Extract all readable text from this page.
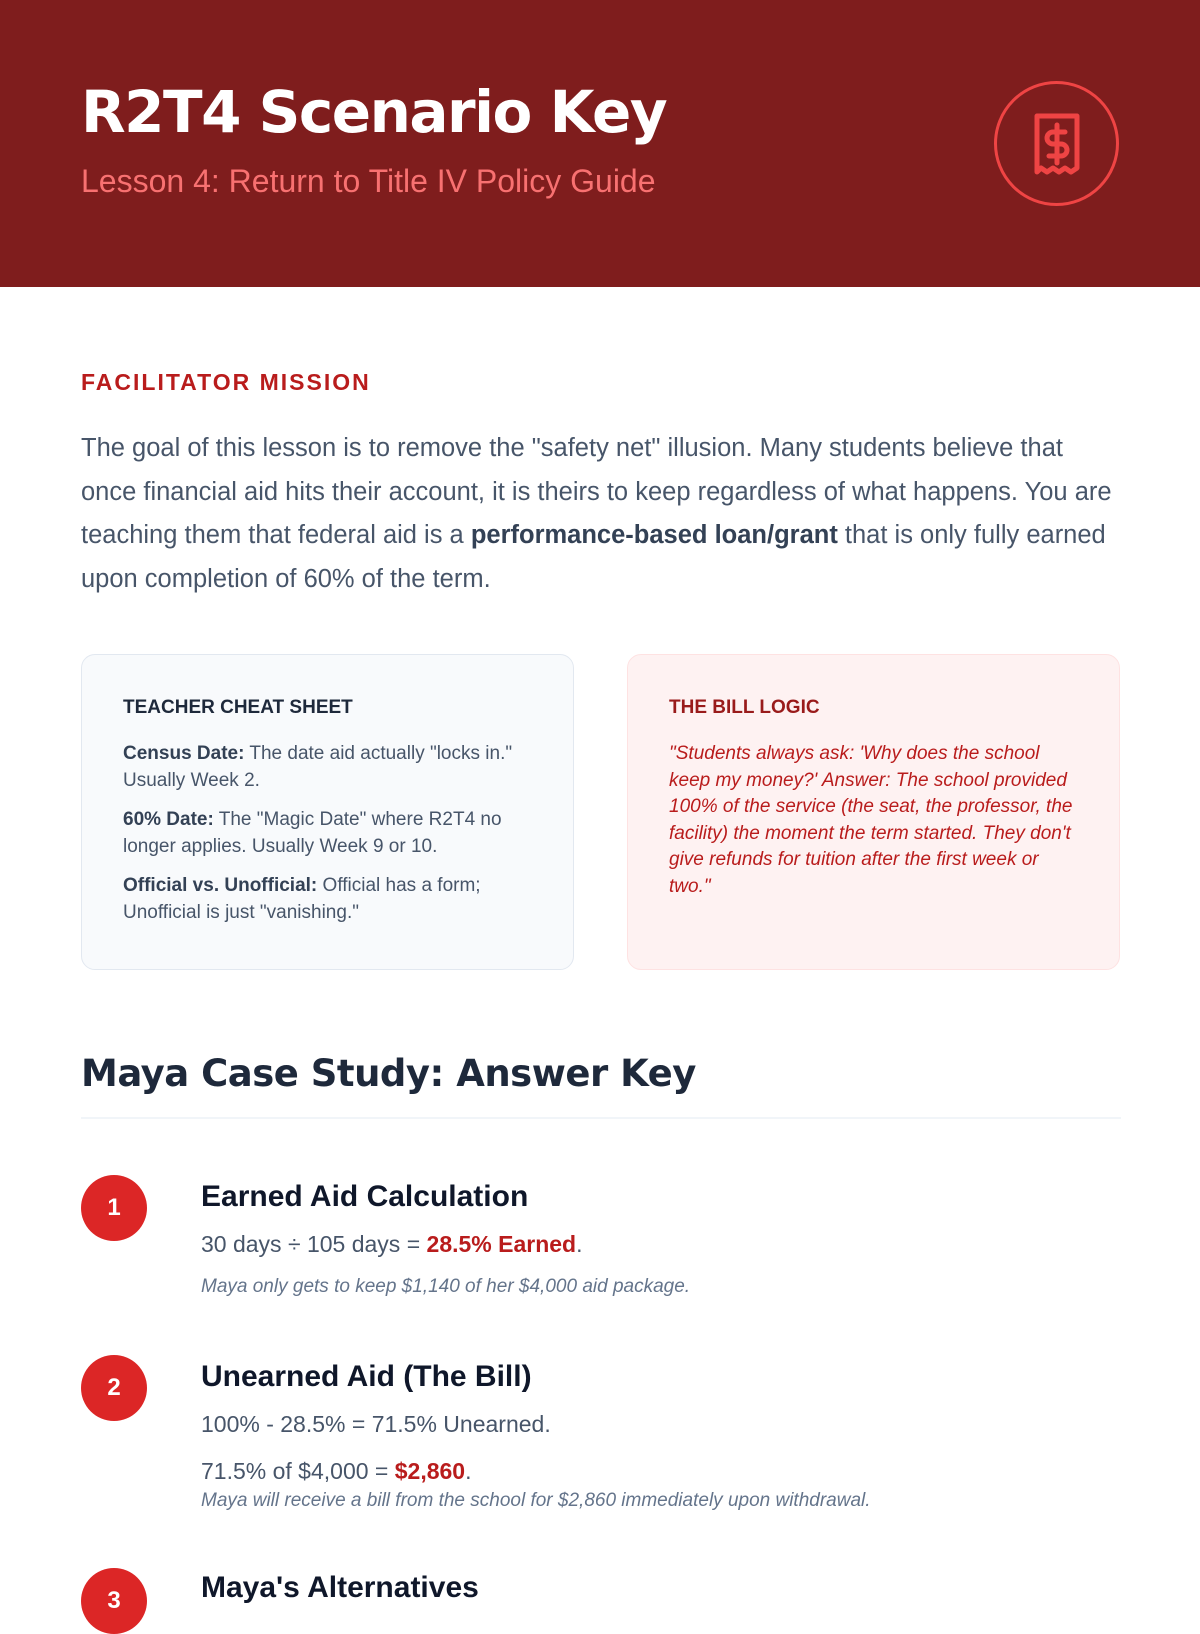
R2T4 Scenario Key
Lesson 4: Return to Title IV Policy Guide
FACILITATOR MISSION

The goal of this lesson is to remove the "safety net" illusion. Many students believe that once financial aid hits their account, it is theirs to keep regardless of what happens. You are teaching them that federal aid is a performance-based loan/grant that is only fully earned upon completion of 60% of the term.

TEACHER CHEAT SHEET
Census Date: The date aid actually "locks in." Usually Week 2.
60% Date: The "Magic Date" where R2T4 no longer applies. Usually Week 9 or 10.
Official vs. Unofficial: Official has a form; Unofficial is just "vanishing."
THE BILL LOGIC
"Students always ask: 'Why does the school keep my money?' Answer: The school provided 100% of the service (the seat, the professor, the facility) the moment the term started. They don't give refunds for tuition after the first week or two."
Maya Case Study: Answer Key
1	Earned Aid Calculation
30 days ÷ 105 days = 28.5% Earned.
Maya only gets to keep $1,140 of her $4,000 aid package.
2	Unearned Aid (The Bill)
100% - 28.5% = 71.5% Unearned.
71.5% of $4,000 = $2,860.
Maya will receive a bill from the school for $2,860 immediately upon withdrawal.
3	Maya's Alternatives
